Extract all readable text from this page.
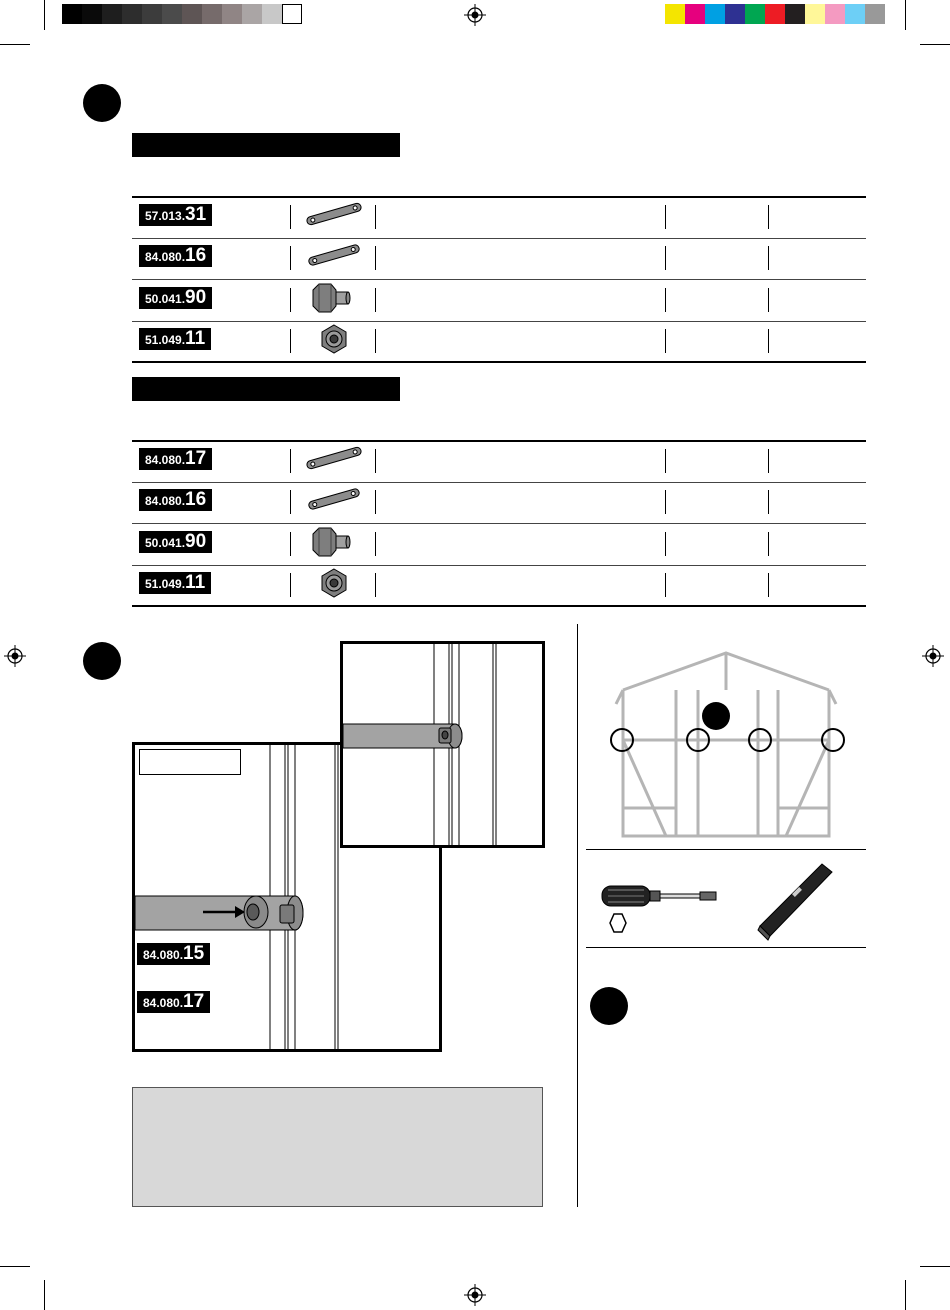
57.013.31
84.080.16
50.041.90
51.049.11
84.080.17
84.080.16
50.041.90
51.049.11
84.080.15
84.080.17
